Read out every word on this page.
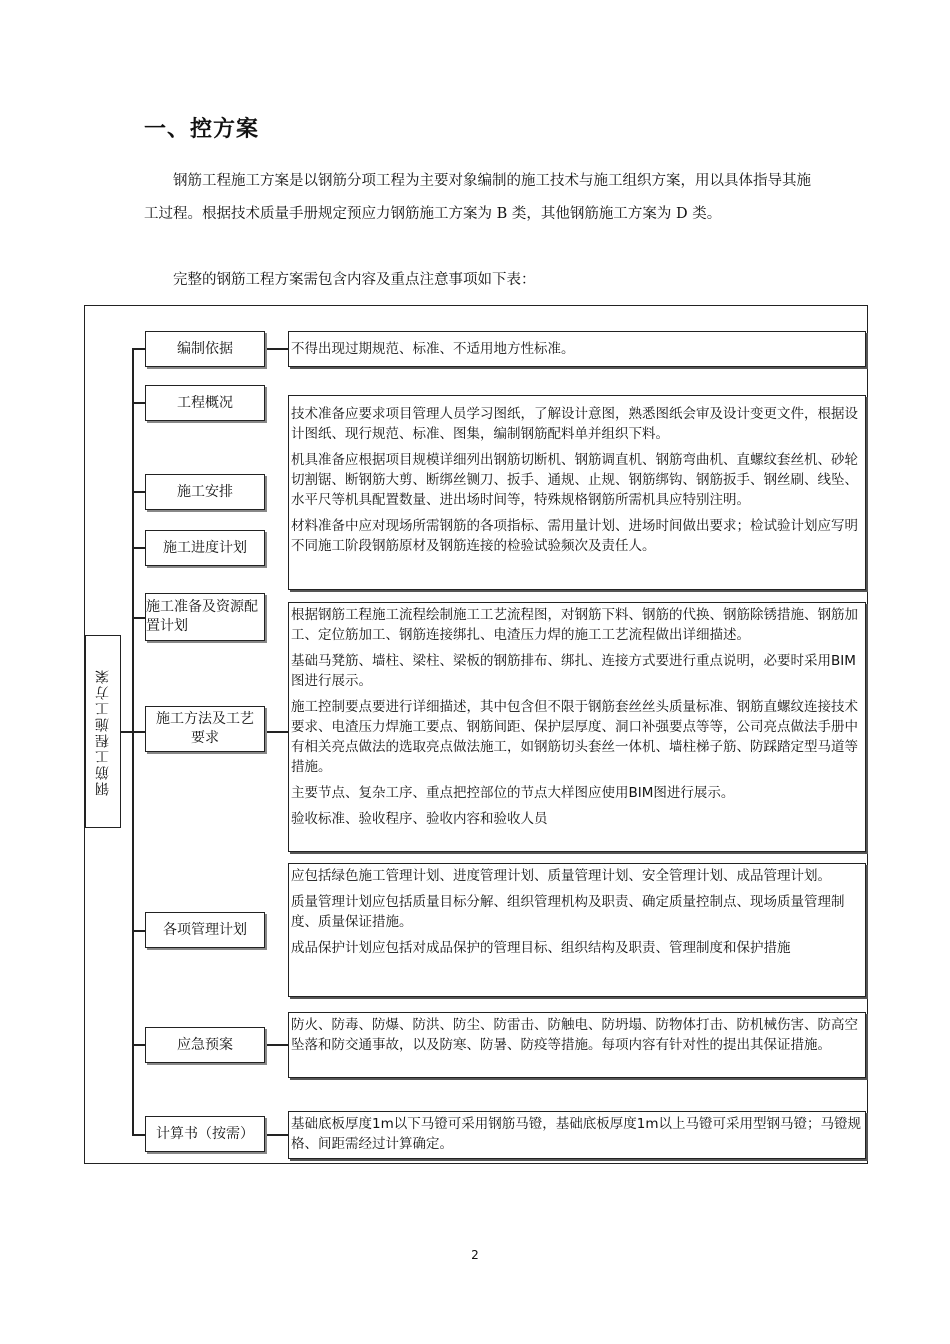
一、控方案

钢筋工程施工方案是以钢筋分项工程为主要对象编制的施工技术与施工组织方案，用以具体指导其施工过程。根据技术质量手册规定预应力钢筋施工方案为 B 类，其他钢筋施工方案为 D 类。

完整的钢筋工程方案需包含内容及重点注意事项如下表：

钢筋工程施工方案
编制依据
工程概况
施工安排
施工进度计划
施工准备及资源配置计划
施工方法及工艺要求
各项管理计划
应急预案
计算书（按需）
不得出现过期规范、标准、不适用地方性标准。
技术准备应要求项目管理人员学习图纸，了解设计意图，熟悉图纸会审及设计变更文件，根据设计图纸、现行规范、标准、图集，编制钢筋配料单并组织下料。
机具准备应根据项目规模详细列出钢筋切断机、钢筋调直机、钢筋弯曲机、直螺纹套丝机、砂轮切割锯、断钢筋大剪、断绑丝铡刀、扳手、通规、止规、钢筋绑钩、钢筋扳手、钢丝刷、线坠、水平尺等机具配置数量、进出场时间等，特殊规格钢筋所需机具应特别注明。
材料准备中应对现场所需钢筋的各项指标、需用量计划、进场时间做出要求；检试验计划应写明不同施工阶段钢筋原材及钢筋连接的检验试验频次及责任人。
根据钢筋工程施工流程绘制施工工艺流程图，对钢筋下料、钢筋的代换、钢筋除锈措施、钢筋加工、定位筋加工、钢筋连接绑扎、电渣压力焊的施工工艺流程做出详细描述。
基础马凳筋、墙柱、梁柱、梁板的钢筋排布、绑扎、连接方式要进行重点说明，必要时采用BIM图进行展示。
施工控制要点要进行详细描述，其中包含但不限于钢筋套丝丝头质量标准、钢筋直螺纹连接技术要求、电渣压力焊施工要点、钢筋间距、保护层厚度、洞口补强要点等等，公司亮点做法手册中有相关亮点做法的选取亮点做法施工，如钢筋切头套丝一体机、墙柱梯子筋、防踩踏定型马道等措施。
主要节点、复杂工序、重点把控部位的节点大样图应使用BIM图进行展示。
验收标准、验收程序、验收内容和验收人员
应包括绿色施工管理计划、进度管理计划、质量管理计划、安全管理计划、成品管理计划。
质量管理计划应包括质量目标分解、组织管理机构及职责、确定质量控制点、现场质量管理制度、质量保证措施。
成品保护计划应包括对成品保护的管理目标、组织结构及职责、管理制度和保护措施
防火、防毒、防爆、防洪、防尘、防雷击、防触电、防坍塌、防物体打击、防机械伤害、防高空坠落和防交通事故，以及防寒、防暑、防疫等措施。每项内容有针对性的提出其保证措施。
基础底板厚度1m以下马镫可采用钢筋马镫，基础底板厚度1m以上马镫可采用型钢马镫；马镫规格、间距需经过计算确定。
2
